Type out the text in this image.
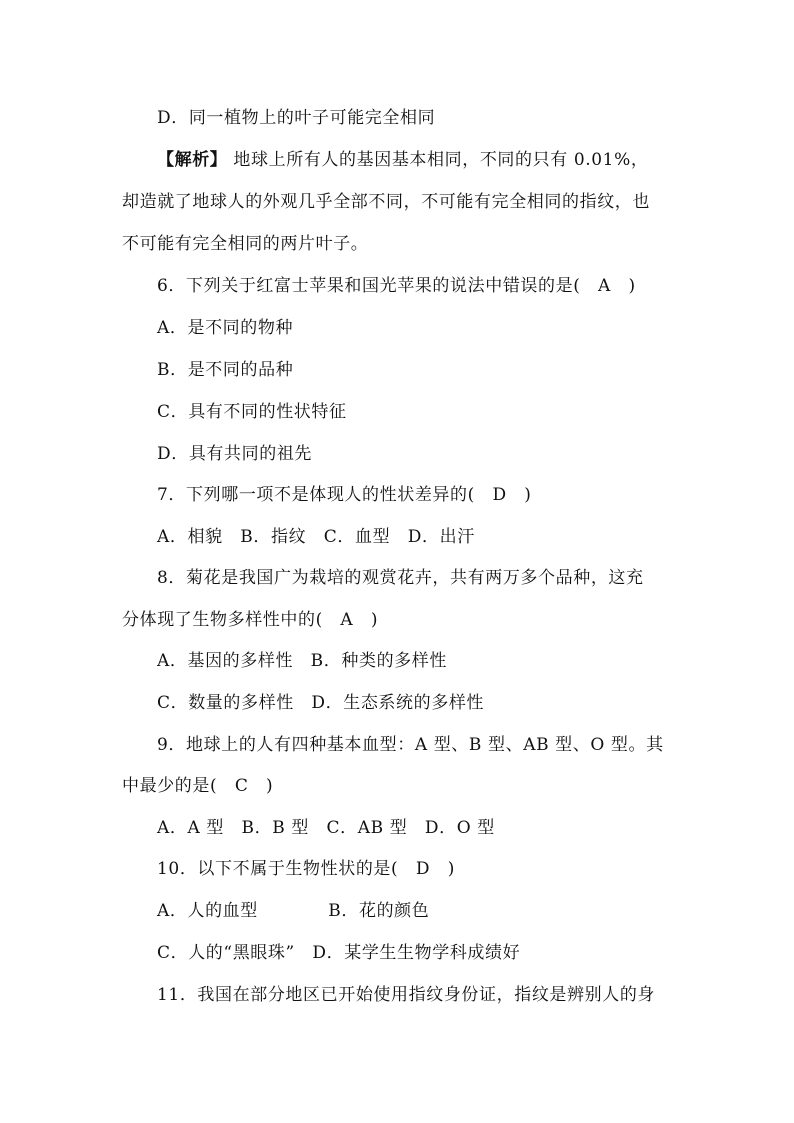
D．同一植物上的叶子可能完全相同
【解析】 地球上所有人的基因基本相同，不同的只有 0.01%，
却造就了地球人的外观几乎全部不同，不可能有完全相同的指纹，也
不可能有完全相同的两片叶子。
6．下列关于红富士苹果和国光苹果的说法中错误的是(　A　)
A．是不同的物种
B．是不同的品种
C．具有不同的性状特征
D．具有共同的祖先
7．下列哪一项不是体现人的性状差异的(　D　)
A．相貌　B．指纹　C．血型　D．出汗
8．菊花是我国广为栽培的观赏花卉，共有两万多个品种，这充
分体现了生物多样性中的(　A　)
A．基因的多样性　B．种类的多样性
C．数量的多样性　D．生态系统的多样性
9．地球上的人有四种基本血型：A 型、B 型、AB 型、O 型。其
中最少的是(　C　)
A．A 型　B．B 型　C．AB 型　D．O 型
10．以下不属于生物性状的是(　D　)
A．人的血型　　　　B．花的颜色
C．人的“黑眼珠”　D．某学生生物学科成绩好
11．我国在部分地区已开始使用指纹身份证，指纹是辨别人的身
